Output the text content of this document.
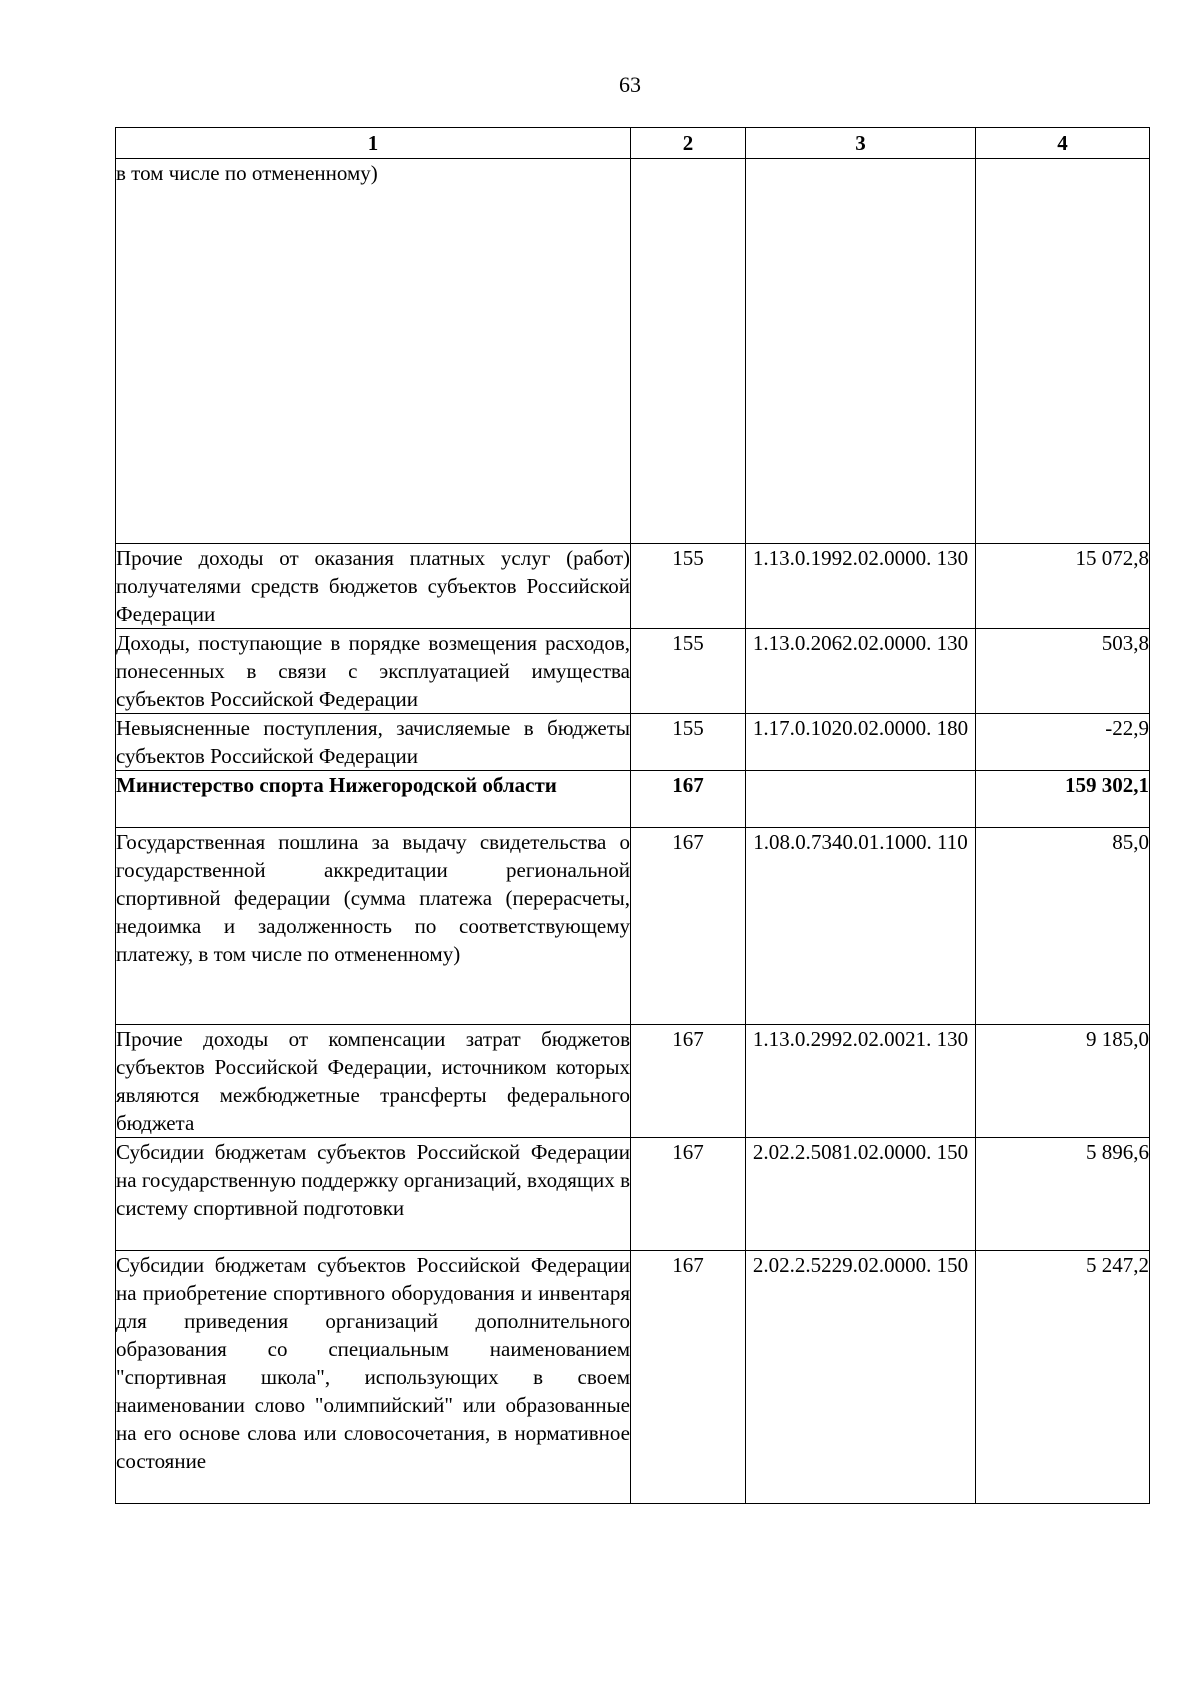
63
1	2	3	4
в том числе по отмененному)			
Прочие доходы от оказания платных услуг (работ) получателями средств бюджетов субъектов Российской Федерации	155	1.13.0.1992.02.0000. 130	15 072,8
Доходы, поступающие в порядке возмещения расходов, понесенных в связи с эксплуатацией имущества субъектов Российской Федерации	155	1.13.0.2062.02.0000. 130	503,8
Невыясненные поступления, зачисляемые в бюджеты субъектов Российской Федерации	155	1.17.0.1020.02.0000. 180	-22,9
Министерство спорта Нижегородской области	167		159 302,1
Государственная пошлина за выдачу свидетельства о государственной аккредитации региональной спортивной федерации (сумма платежа (перерасчеты, недоимка и задолженность по соответствующему платежу, в том числе по отмененному)	167	1.08.0.7340.01.1000. 110	85,0
Прочие доходы от компенсации затрат бюджетов субъектов Российской Федерации, источником которых являются межбюджетные трансферты федерального бюджета	167	1.13.0.2992.02.0021. 130	9 185,0
Субсидии бюджетам субъектов Российской Федерации на государственную поддержку организаций, входящих в систему спортивной подготовки	167	2.02.2.5081.02.0000. 150	5 896,6
Субсидии бюджетам субъектов Российской Федерации на приобретение спортивного оборудования и инвентаря для приведения организаций дополнительного образования со специальным наименованием "спортивная школа", использующих в своем наименовании слово "олимпийский" или образованные на его основе слова или словосочетания, в нормативное состояние	167	2.02.2.5229.02.0000. 150	5 247,2
